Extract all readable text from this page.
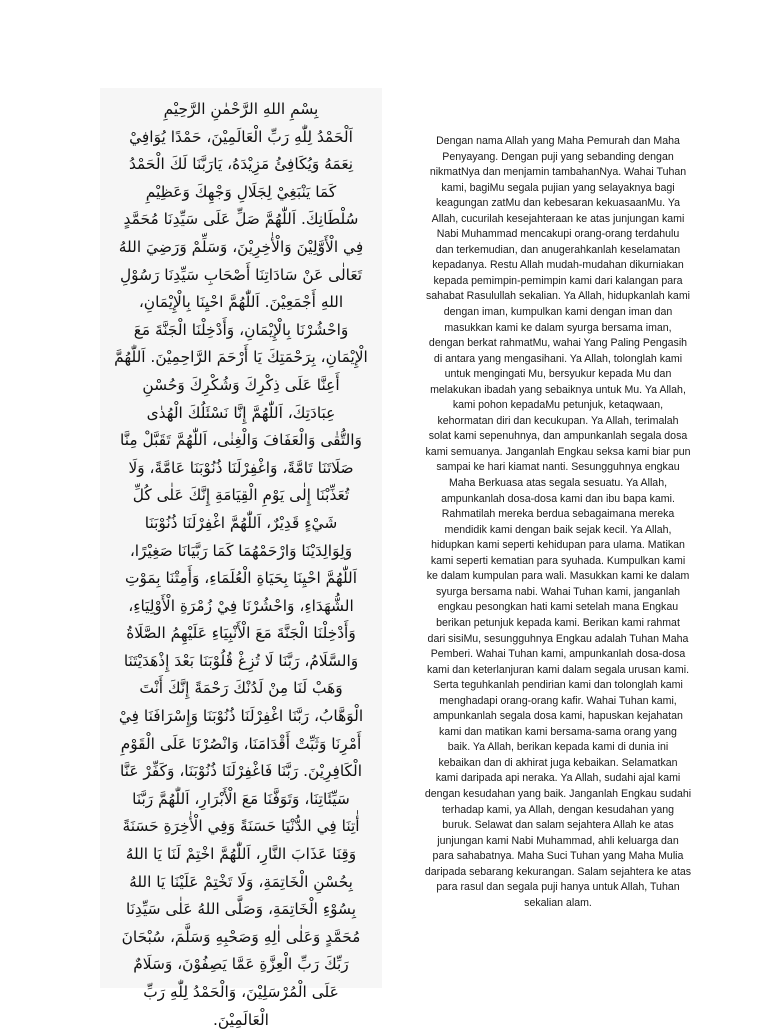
بِسْمِ اللهِ الرَّحْمٰنِ الرَّحِيْمِ
اَلْحَمْدُ لِلّٰهِ رَبِّ الْعَالَمِيْنَ، حَمْدًا يُوَافِيْ
نِعَمَهُ وَيُكَافِئُ مَزِيْدَهُ، يَارَبَّنَا لَكَ الْحَمْدُ
كَمَا يَنْبَغِيْ لِجَلَالِ وَجْهِكَ وَعَظِيْمِ
سُلْطَانِكَ. اَللّٰهُمَّ صَلِّ عَلَى سَيِّدِنَا مُحَمَّدٍ
فِي الْأَوَّلِيْنَ وَالْأٰخِرِيْنَ، وَسَلِّمْ وَرَضِيَ اللهُ
تَعَالٰى عَنْ سَادَاتِنَا أَصْحَابِ سَيِّدِنَا رَسُوْلِ
اللهِ أَجْمَعِيْنَ. اَللّٰهُمَّ احْيِنَا بِالْإِيْمَانِ،
وَاحْشُرْنَا بِالْإِيْمَانِ، وَأَدْخِلْنَا الْجَنَّةَ مَعَ
الْإِيْمَانِ، بِرَحْمَتِكَ يَا أَرْحَمَ الرَّاحِمِيْنَ. اَللّٰهُمَّ
أَعِنَّا عَلَى ذِكْرِكَ وَشُكْرِكَ وَحُسْنِ
عِبَادَتِكَ، اَللّٰهُمَّ إِنَّا نَسْئَلُكَ الْهُدٰى
وَالتُّقٰى وَالْعَفَافَ وَالْغِنٰى، اَللّٰهُمَّ تَقَبَّلْ مِنَّا
صَلَاتَنَا تَامَّةً، وَاغْفِرْلَنَا ذُنُوْبَنَا عَامَّةً، وَلَا
تُعَذِّبْنَا إِلٰى يَوْمِ الْقِيَامَةِ إِنَّكَ عَلٰى كُلِّ
شَيْءٍ قَدِيْرٌ، اَللّٰهُمَّ اغْفِرْلَنَا ذُنُوْبَنَا
وَلِوَالِدَيْنَا وَارْحَمْهُمَا كَمَا رَبَّيَانَا صَغِيْرًا،
اَللّٰهُمَّ احْيِنَا بِحَيَاةِ الْعُلَمَاءِ، وَأَمِتْنَا بِمَوْتِ
الشُّهَدَاءِ، وَاحْشُرْنَا فِيْ زُمْرَةِ الْأَوْلِيَاءِ،
وَأَدْخِلْنَا الْجَنَّةَ مَعَ الْأَنْبِيَاءِ عَلَيْهِمُ الصَّلَاةُ
وَالسَّلَامُ، رَبَّنَا لَا تُزِغْ قُلُوْبَنَا بَعْدَ إِذْهَدَيْتَنَا
وَهَبْ لَنَا مِنْ لَدُنْكَ رَحْمَةً إِنَّكَ أَنْتَ
الْوَهَّابُ، رَبَّنَا اغْفِرْلَنَا ذُنُوْبَنَا وَإِسْرَافَنَا فِيْ
أَمْرِنَا وَثَبِّتْ أَقْدَامَنَا، وَانْصُرْنَا عَلَى الْقَوْمِ
الْكَافِرِيْنَ. رَبَّنَا فَاغْفِرْلَنَا ذُنُوْبَنَا، وَكَفِّرْ عَنَّا
سَيِّئَاتِنَا، وَتَوَفَّنَا مَعَ الْأَبْرَارِ، اَللّٰهُمَّ رَبَّنَا
أٰتِنَا فِي الدُّنْيَا حَسَنَةً وَفِي الْأٰخِرَةِ حَسَنَةً
وَقِنَا عَذَابَ النَّارِ، اَللّٰهُمَّ اخْتِمْ لَنَا يَا اللهُ
بِحُسْنِ الْخَاتِمَةِ، وَلَا تَخْتِمْ عَلَيْنَا يَا اللهُ
بِسُوْءِ الْخَاتِمَةِ، وَصَلَّى اللهُ عَلٰى سَيِّدِنَا
مُحَمَّدٍ وَعَلٰى اٰلِهِ وَصَحْبِهِ وَسَلَّمَ، سُبْحَانَ
رَبِّكَ رَبِّ الْعِزَّةِ عَمَّا يَصِفُوْنَ، وَسَلَامٌ
عَلَى الْمُرْسَلِيْنَ، وَالْحَمْدُ لِلّٰهِ رَبِّ
الْعَالَمِيْنَ.
Dengan nama Allah yang Maha Pemurah dan Maha
Penyayang. Dengan puji yang sebanding dengan
nikmatNya dan menjamin tambahanNya. Wahai Tuhan
kami, bagiMu segala pujian yang selayaknya bagi
keagungan zatMu dan kebesaran kekuasaanMu. Ya
Allah, cucurilah kesejahteraan ke atas junjungan kami
Nabi Muhammad mencakupi orang-orang terdahulu
dan terkemudian, dan anugerahkanlah keselamatan
kepadanya. Restu Allah mudah-mudahan dikurniakan
kepada pemimpin-pemimpin kami dari kalangan para
sahabat Rasulullah sekalian. Ya Allah, hidupkanlah kami
dengan iman, kumpulkan kami dengan iman dan
masukkan kami ke dalam syurga bersama iman,
dengan berkat rahmatMu, wahai Yang Paling Pengasih
di antara yang mengasihani. Ya Allah, tolonglah kami
untuk mengingati Mu, bersyukur kepada Mu dan
melakukan ibadah yang sebaiknya untuk Mu. Ya Allah,
kami pohon kepadaMu petunjuk, ketaqwaan,
kehormatan diri dan kecukupan. Ya Allah, terimalah
solat kami sepenuhnya, dan ampunkanlah segala dosa
kami semuanya. Janganlah Engkau seksa kami biar pun
sampai ke hari kiamat nanti. Sesungguhnya engkau
Maha Berkuasa atas segala sesuatu. Ya Allah,
ampunkanlah dosa-dosa kami dan ibu bapa kami.
Rahmatilah mereka berdua sebagaimana mereka
mendidik kami dengan baik sejak kecil. Ya Allah,
hidupkan kami seperti kehidupan para ulama. Matikan
kami seperti kematian para syuhada. Kumpulkan kami
ke dalam kumpulan para wali. Masukkan kami ke dalam
syurga bersama nabi. Wahai Tuhan kami, janganlah
engkau pesongkan hati kami setelah mana Engkau
berikan petunjuk kepada kami. Berikan kami rahmat
dari sisiMu, sesungguhnya Engkau adalah Tuhan Maha
Pemberi. Wahai Tuhan kami, ampunkanlah dosa-dosa
kami dan keterlanjuran kami dalam segala urusan kami.
Serta teguhkanlah pendirian kami dan tolonglah kami
menghadapi orang-orang kafir. Wahai Tuhan kami,
ampunkanlah segala dosa kami, hapuskan kejahatan
kami dan matikan kami bersama-sama orang yang
baik. Ya Allah, berikan kepada kami di dunia ini
kebaikan dan di akhirat juga kebaikan. Selamatkan
kami daripada api neraka. Ya Allah, sudahi ajal kami
dengan kesudahan yang baik. Janganlah Engkau sudahi
terhadap kami, ya Allah, dengan kesudahan yang
buruk. Selawat dan salam sejahtera Allah ke atas
junjungan kami Nabi Muhammad, ahli keluarga dan
para sahabatnya. Maha Suci Tuhan yang Maha Mulia
daripada sebarang kekurangan. Salam sejahtera ke atas
para rasul dan segala puji hanya untuk Allah, Tuhan
sekalian alam.
